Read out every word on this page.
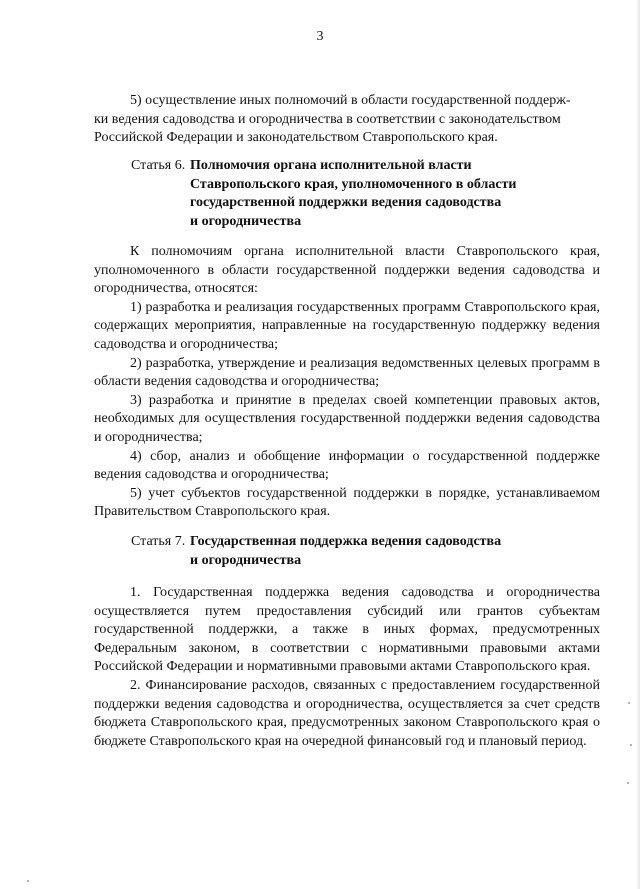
3
5) осуществление иных полномочий в области государственной поддерж-
ки ведения садоводства и огородничества в соответствии с законодательством
Российской Федерации и законодательством Ставропольского края.
Статья 6. Полномочия органа исполнительной власти
Ставропольского края, уполномоченного в области
государственной поддержки ведения садоводства
и огородничества
К полномочиям органа исполнительной власти Ставропольского края, уполномоченного в области государственной поддержки ведения садоводства и огородничества, относятся:
1) разработка и реализация государственных программ Ставропольского края, содержащих мероприятия, направленные на государственную поддержку ведения садоводства и огородничества;
2) разработка, утверждение и реализация ведомственных целевых программ в области ведения садоводства и огородничества;
3) разработка и принятие в пределах своей компетенции правовых актов, необходимых для осуществления государственной поддержки ведения садоводства и огородничества;
4) сбор, анализ и обобщение информации о государственной поддержке ведения садоводства и огородничества;
5) учет субъектов государственной поддержки в порядке, устанавливаемом Правительством Ставропольского края.
Статья 7. Государственная поддержка ведения садоводства
и огородничества
1. Государственная поддержка ведения садоводства и огородничества осуществляется путем предоставления субсидий или грантов субъектам государственной поддержки, а также в иных формах, предусмотренных Федеральным законом, в соответствии с нормативными правовыми актами Российской Федерации и нормативными правовыми актами Ставропольского края.
2. Финансирование расходов, связанных с предоставлением государственной поддержки ведения садоводства и огородничества, осуществляется за счет средств бюджета Ставропольского края, предусмотренных законом Ставропольского края о бюджете Ставропольского края на очередной финансовый год и плановый период.
